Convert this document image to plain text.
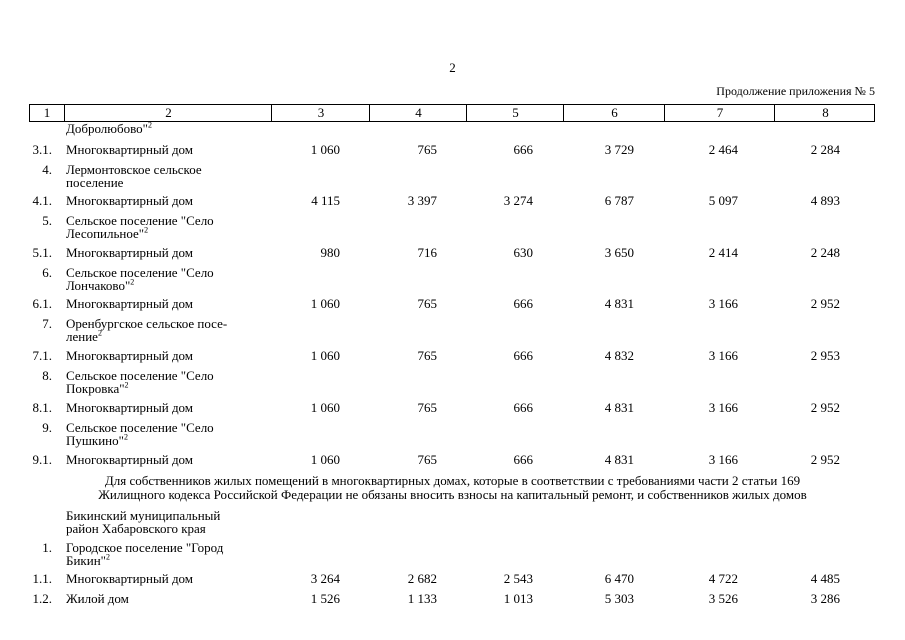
2
Продолжение приложения № 5
1	2	3	4	5	6	7	8
Добролюбово"$^2$
3.1. Многоквартирный дом	1 060	765	666	3 729	2 464	2 284
4. Лермонтовское сельское
поселение
4.1. Многоквартирный дом	4 115	3 397	3 274	6 787	5 097	4 893
5. Сельское поселение "Село
Лесопильное"$^2$
5.1. Многоквартирный дом	980	716	630	3 650	2 414	2 248
6. Сельское поселение "Село
Лончаково"$^2$
6.1. Многоквартирный дом	1 060	765	666	4 831	3 166	2 952
7. Оренбургское сельское посе-
ление$^2$
7.1. Многоквартирный дом	1 060	765	666	4 832	3 166	2 953
8. Сельское поселение "Село
Покровка"$^2$
8.1. Многоквартирный дом	1 060	765	666	4 831	3 166	2 952
9. Сельское поселение "Село
Пушкино"$^2$
9.1. Многоквартирный дом	1 060	765	666	4 831	3 166	2 952
Для собственников жилых помещений в многоквартирных домах, которые в соответствии с требованиями части 2 статьи 169
Жилищного кодекса Российской Федерации не обязаны вносить взносы на капитальный ремонт, и собственников жилых домов
Бикинский муниципальный
район Хабаровского края
1. Городское поселение "Город
Бикин"$^2$
1.1. Многоквартирный дом	3 264	2 682	2 543	6 470	4 722	4 485
1.2. Жилой дом	1 526	1 133	1 013	5 303	3 526	3 286
